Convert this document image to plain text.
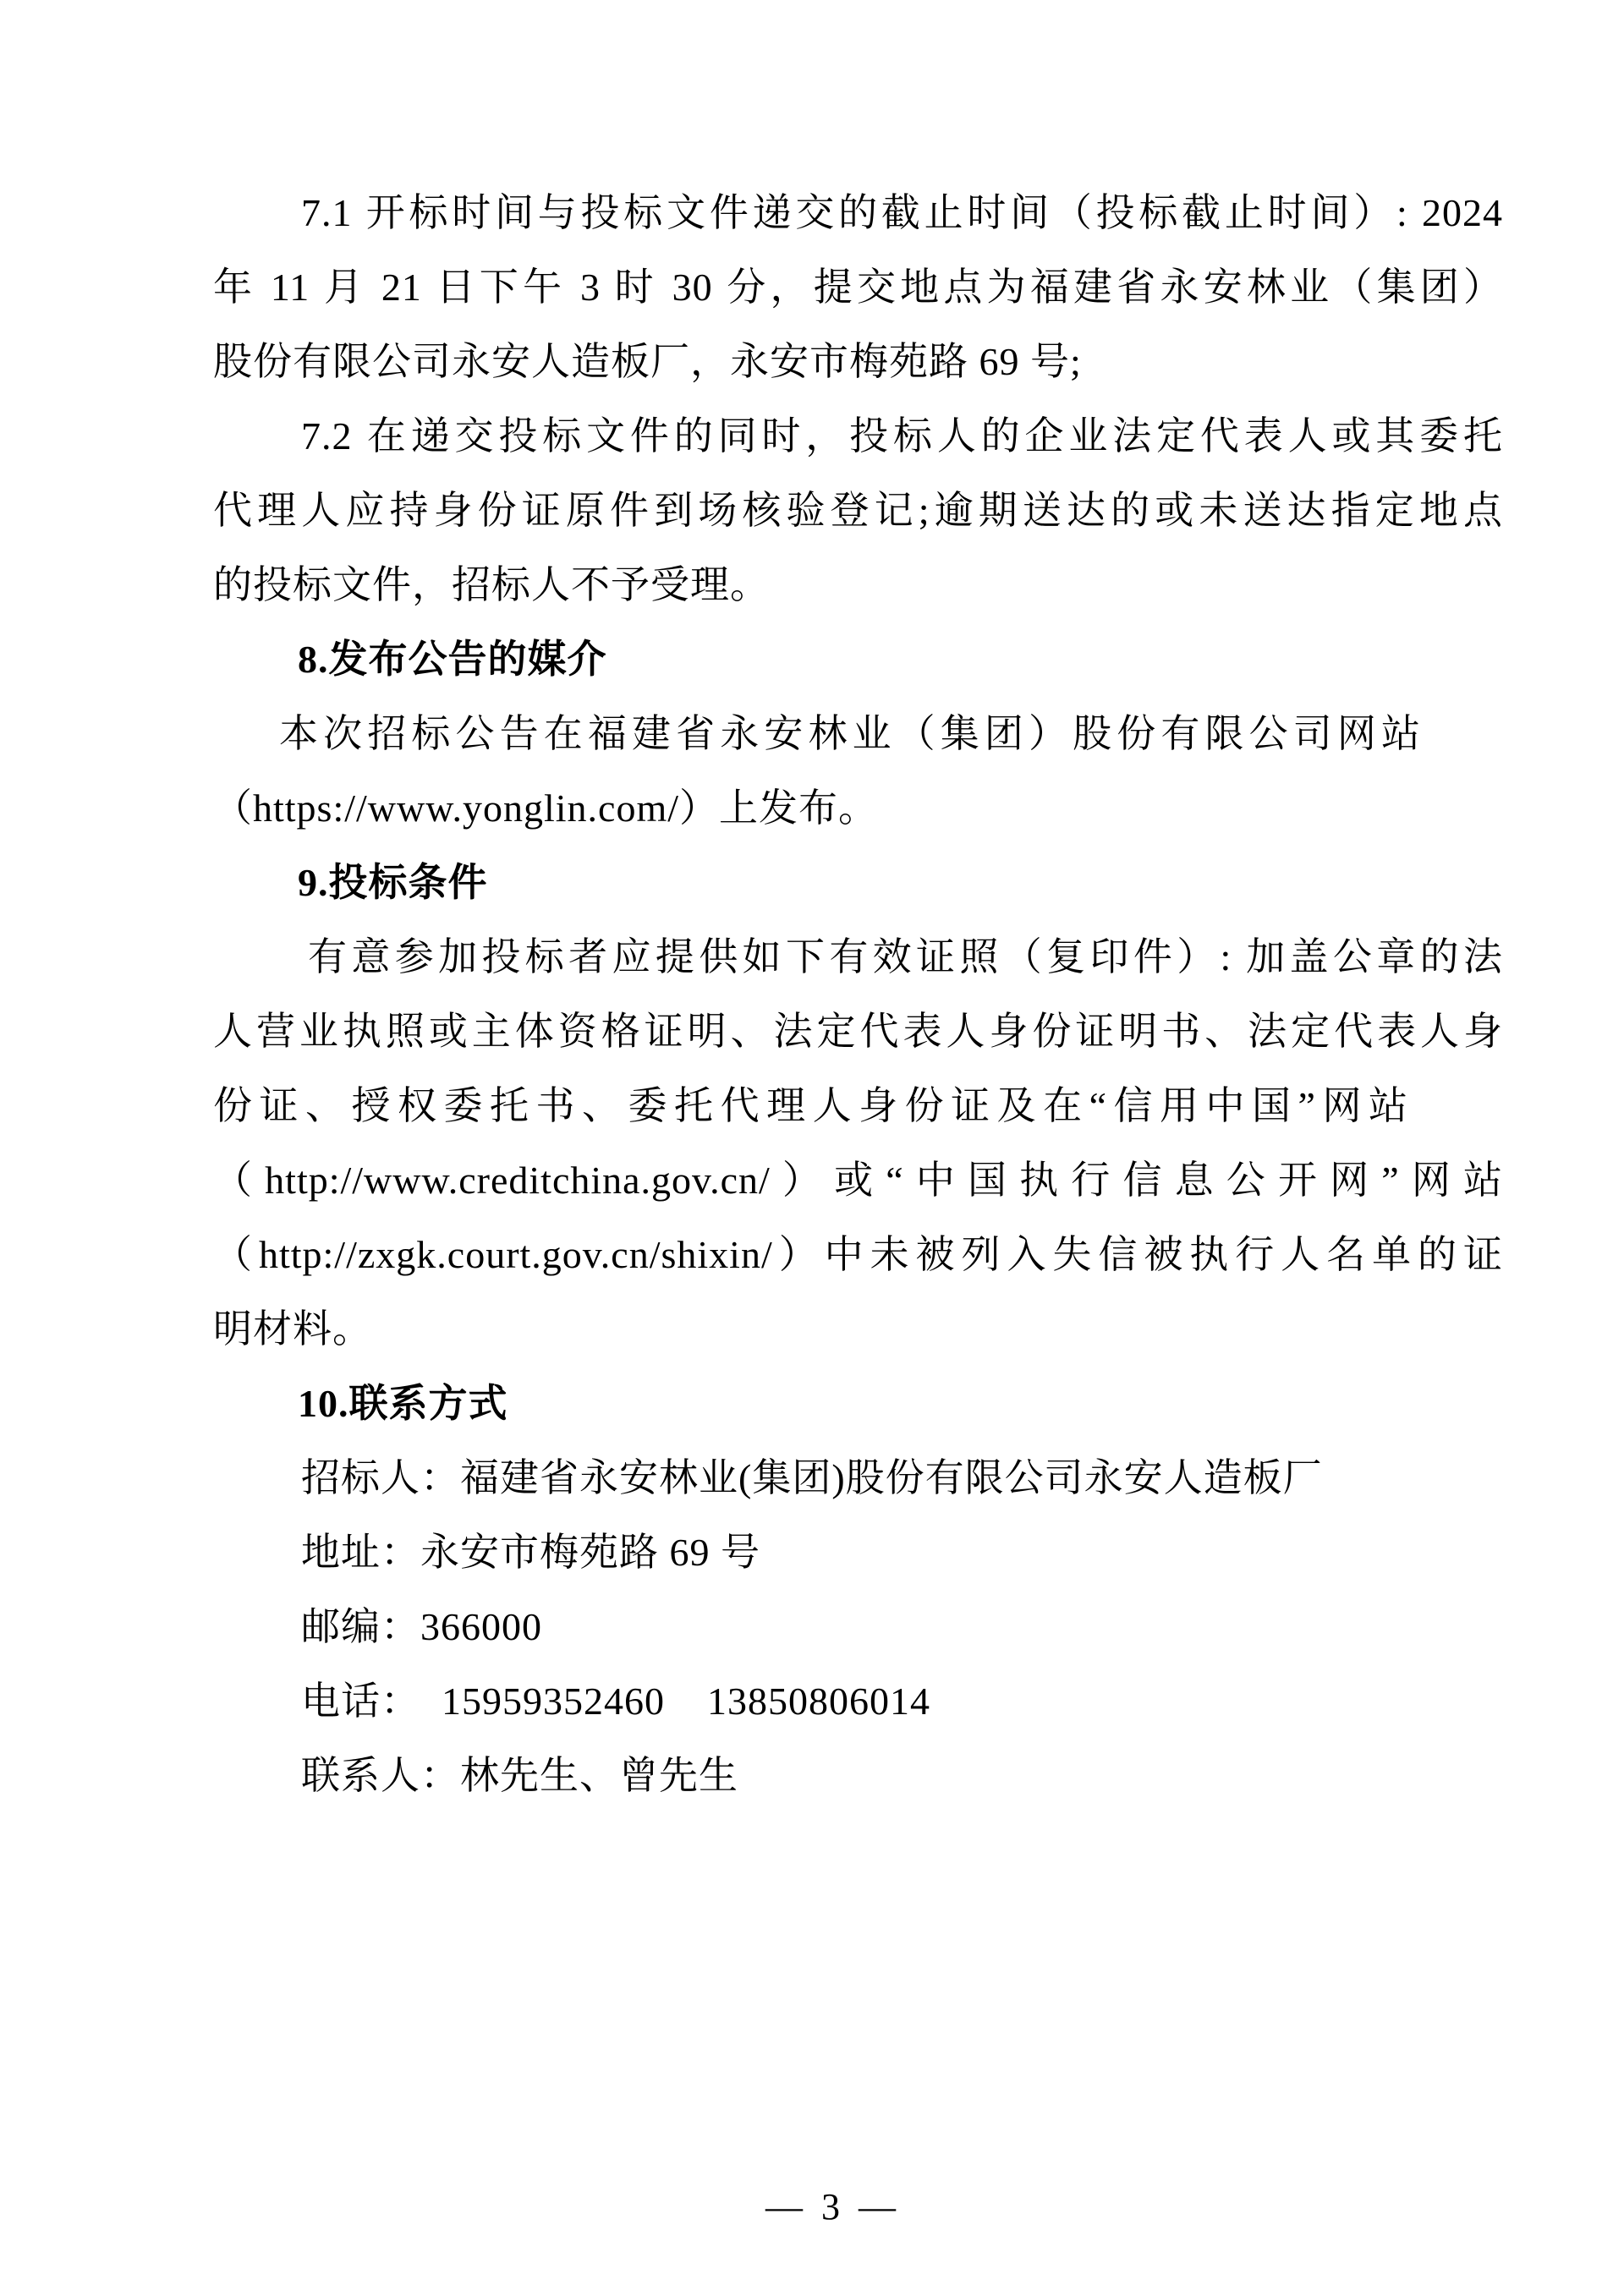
7.1 开标时间与投标文件递交的截止时间（投标截止时间）: 2024
年 11 月 21 日下午 3 时 30 分，提交地点为福建省永安林业（集团）
股份有限公司永安人造板厂，永安市梅苑路 69 号;
7.2 在递交投标文件的同时，投标人的企业法定代表人或其委托
代理人应持身份证原件到场核验登记;逾期送达的或未送达指定地点
的投标文件，招标人不予受理。
8.发布公告的媒介
本次招标公告在福建省永安林业（集团）股份有限公司网站
（https://www.yonglin.com/）上发布。
9.投标条件
有意参加投标者应提供如下有效证照（复印件）: 加盖公章的法
人营业执照或主体资格证明、法定代表人身份证明书、法定代表人身
份证、授权委托书、委托代理人身份证及在“信用中国”网站
（http://www.creditchina.gov.cn/）或“中国执行信息公开网”网站
（http://zxgk.court.gov.cn/shixin/）中未被列入失信被执行人名单的证
明材料。
10.联系方式
招标人：福建省永安林业(集团)股份有限公司永安人造板厂
地址：永安市梅苑路 69 号
邮编：366000
电话：  15959352460    13850806014
联系人：林先生、曾先生

—  3  —
